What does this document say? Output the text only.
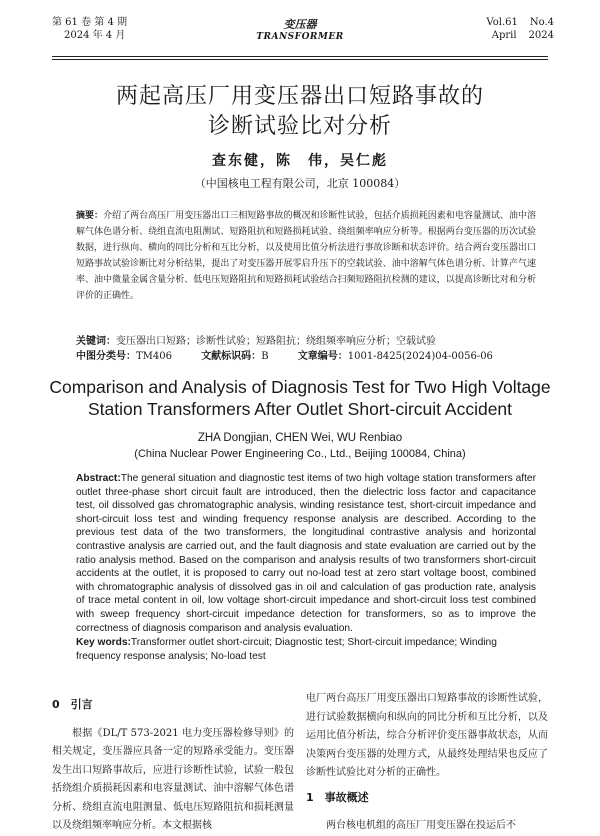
第 61 卷 第 4 期
2024 年 4 月
变压器
TRANSFORMER
Vol.61 No.4
April 2024
两起高压厂用变压器出口短路事故的
诊断试验比对分析
查东健，陈　伟，吴仁彪
（中国核电工程有限公司，北京 100084）
摘要：介绍了两台高压厂用变压器出口三相短路事故的概况和诊断性试验，包括介质损耗因素和电容量测试、油中溶解气体色谱分析、绕组直流电阻测试、短路阻抗和短路损耗试验、绕组频率响应分析等。根据两台变压器的历次试验数据，进行纵向、横向的同比分析和互比分析，以及使用比值分析法进行事故诊断和状态评价。结合两台变压器出口短路事故试验诊断比对分析结果，提出了对变压器开展零启升压下的空载试验、油中溶解气体色谱分析、计算产气速率、油中微量金属含量分析、低电压短路阻抗和短路损耗试验结合扫频短路阻抗检测的建议，以提高诊断比对和分析评价的正确性。
关键词：变压器出口短路；诊断性试验；短路阻抗；绕组频率响应分析；空载试验
中图分类号：TM406	文献标识码：B	文章编号：1001-8425(2024)04-0056-06
Comparison and Analysis of Diagnosis Test for Two High Voltage Station Transformers After Outlet Short-circuit Accident
ZHA Dongjian, CHEN Wei, WU Renbiao
(China Nuclear Power Engineering Co., Ltd., Beijing 100084, China)
Abstract:The general situation and diagnostic test items of two high voltage station transformers after outlet three-phase short circuit fault are introduced, then the dielectric loss factor and capacitance test, oil dissolved gas chromatographic analysis, winding resistance test, short-circuit impedance and short-circuit loss test and winding frequency response analysis are described. According to the previous test data of the two transformers, the longitudinal contrastive analysis and horizontal contrastive analysis are carried out, and the fault diagnosis and state evaluation are carried out by the ratio analysis method. Based on the comparison and analysis results of two transformers short-circuit accidents at the outlet, it is proposed to carry out no-load test at zero start voltage boost, combined with chromatographic analysis of dissolved gas in oil and calculation of gas production rate, analysis of trace metal content in oil, low voltage short-circuit impedance and short-circuit loss test combined with sweep frequency short-circuit impedance detection for transformers, so as to improve the correctness of diagnosis comparison and analysis evaluation.
Key words:Transformer outlet short-circuit; Diagnostic test; Short-circuit impedance; Winding frequency response analysis; No-load test
0　引言

根据《DL/T 573-2021 电力变压器检修导则》的相关规定，变压器应具备一定的短路承受能力。变压器发生出口短路事故后，应进行诊断性试验，试验一般包括绕组介质损耗因素和电容量测试、油中溶解气体色谱分析、绕组直流电阻测量、低电压短路阻抗和损耗测量以及绕组频率响应分析。本文根据核

电厂两台高压厂用变压器出口短路事故的诊断性试验，进行试验数据横向和纵向的同比分析和互比分析，以及运用比值分析法，综合分析评价变压器事故状态，从而决策两台变压器的处理方式，从最终处理结果也反应了诊断性试验比对分析的正确性。

1　事故概述

两台核电机组的高压厂用变压器在投运后不
